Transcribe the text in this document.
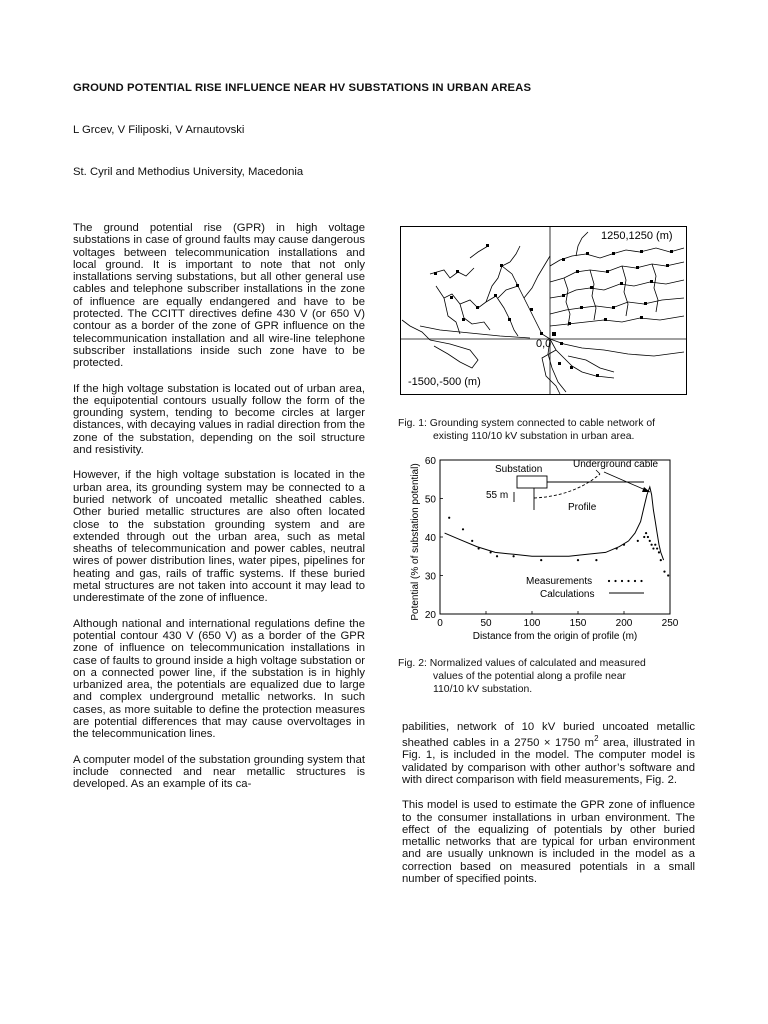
GROUND POTENTIAL RISE INFLUENCE NEAR HV SUBSTATIONS IN URBAN AREAS
L Grcev, V Filiposki, V Arnautovski
St. Cyril and Methodius University, Macedonia

The ground potential rise (GPR) in high voltage substations in case of ground faults may cause dangerous voltages between telecommunication installations and local ground. It is important to note that not only installations serving substations, but all other general use cables and telephone subscriber installations in the zone of influence are equally endangered and have to be protected. The CCITT directives define 430 V (or 650 V) contour as a border of the zone of GPR influence on the telecommunication installation and all wire-line telephone subscriber installations inside such zone have to be protected.

If the high voltage substation is located out of urban area, the equipotential contours usually follow the form of the grounding system, tending to become circles at larger distances, with decaying values in radial direction from the zone of the substation, depending on the soil structure and resistivity.

However, if the high voltage substation is located in the urban area, its grounding system may be connected to a buried network of uncoated metallic sheathed cables. Other buried metallic structures are also often located close to the substation grounding system and are extended through out the urban area, such as metal sheaths of telecommunication and power cables, neutral wires of power distribution lines, water pipes, pipelines for heating and gas, rails of traffic systems. If these buried metal structures are not taken into account it may lead to underestimate of the zone of influence.

Although national and international regulations define the potential contour 430 V (650 V) as a border of the GPR zone of influence on telecommunication installations in case of faults to ground inside a high voltage substation or on a connected power line, if the substation is in highly urbanized area, the potentials are equalized due to large and complex underground metallic networks. In such cases, as more suitable to define the protection measures are potential differences that may cause overvoltages in the telecommunication lines.

A computer model of the substation grounding system that include connected and near metallic structures is developed. As an example of its ca-

1250,1250 (m)
0,0
-1500,-500 (m)
Fig. 1: Grounding system connected to cable network of
existing 110/10 kV substation in urban area.
0	50	100	150	200	250
20
30
40
50
60
Potential (% of substation potential)
Distance from the origin of profile (m)
Substation	Underground cable
55 m
Profile
Measurements
Calculations
Fig. 2: Normalized values of calculated and measured
values of the potential along a profile near
110/10 kV substation.

pabilities, network of 10 kV buried uncoated metallic sheathed cables in a 2750 × 1750 $m^2$ area, illustrated in Fig. 1, is included in the model. The computer model is validated by comparison with other author’s software and with direct comparison with field measurements, Fig. 2.

This model is used to estimate the GPR zone of influence to the consumer installations in urban environment. The effect of the equalizing of potentials by other buried metallic networks that are typical for urban environment and are usually unknown is included in the model as a correction based on measured potentials in a small number of specified points.
